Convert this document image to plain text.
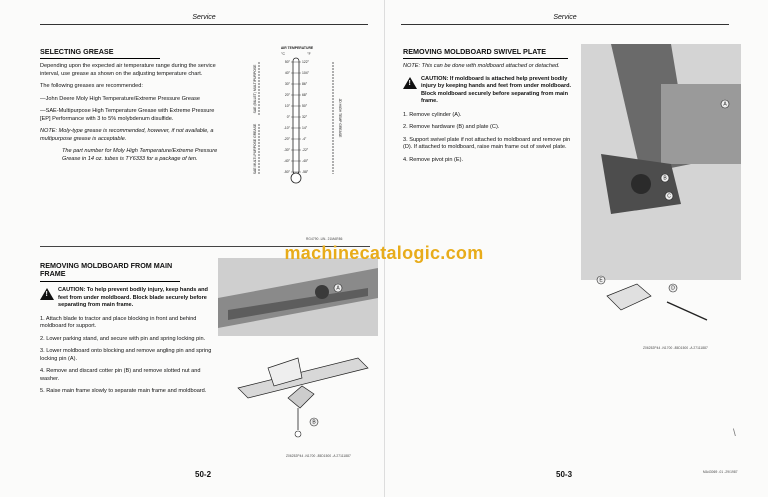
Service
SELECTING GREASE

Depending upon the expected air temperature range during the service interval, use grease as shown on the adjusting temperature chart.

The following greases are recommended:

—John Deere Moly High Temperature/Extreme Pressure Grease

—SAE-Multipurpose High Temperature Grease with Extreme Pressure [EP] Performance with 3 to 5% molybdenum disulfide.

NOTE: Moly-type grease is recommended, however, if not available, a multipurpose grease is acceptable.

The part number for Moly High Temperature/Extreme Pressure Grease in 14 oz. tubes is TY6333 for a package of ten.

AIR TEMPERATURE
°C	°F
50°	122°
40°	104°
30°	86°
20°	68°
10°	50°
0°	32°
-10°	14°
-20°	-4°
-30°	-22°
-40°	-40°
-50°	-58°
SAE (BILLET) MULTIPURPOSE
SAE MULTI-PURPOSE GREASE
JD HIGH TEMP GREASE
RG4790 -UN- 21MAR86
REMOVING MOLDBOARD FROM MAIN FRAME
!
CAUTION: To help prevent bodily injury, keep hands and feet from under moldboard. Block blade securely before separating from main frame.

1. Attach blade to tractor and place blocking in front and behind moldboard for support.

2. Lower parking stand, and secure with pin and spring locking pin.

3. Lower moldboard onto blocking and remove angling pin and spring locking pin (A).

4. Remove and discard cotter pin (B) and remove slotted nut and washer.

5. Raise main frame slowly to separate main frame and moldboard.

A
B
Z06252P44 -N1700 -85D1500 -A 27111887
50-2
Service
REMOVING MOLDBOARD SWIVEL PLATE

NOTE: This can be done with moldboard attached or detached.

!
CAUTION: If moldboard is attached help prevent bodily injury by keeping hands and feet from under moldboard. Block moldboard securely before separating from main frame.

1. Remove cylinder (A).

2. Remove hardware (B) and plate (C).

3. Support swivel plate if not attached to moldboard and remove pin (D). If attached to moldboard, raise main frame out of swivel plate.

4. Remove pivot pin (E).

A
B
C
E
D
Z06252P44 -N1700 -85D1500 -A 27111887
50-3	MA43069 -01 -29/1987
\
machinecatalogic.com
